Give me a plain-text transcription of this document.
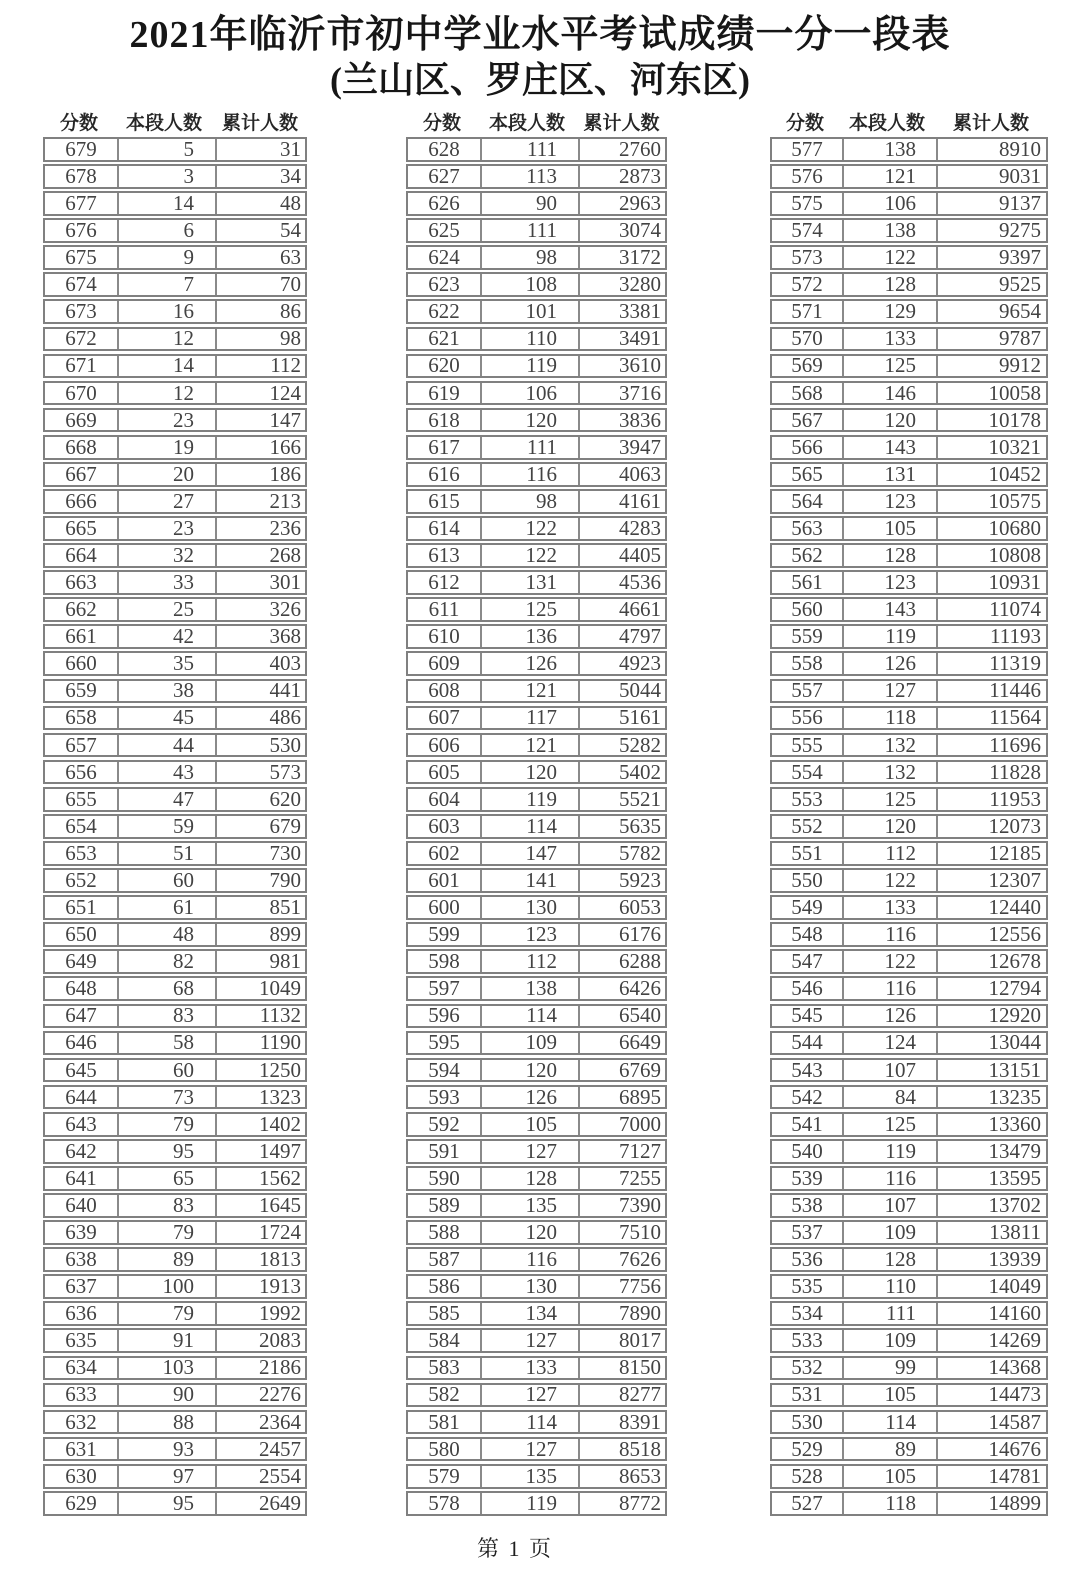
2021年临沂市初中学业水平考试成绩一分一段表
(兰山区、罗庄区、河东区)
分数	本段人数	累计人数
679	5	31
678	3	34
677	14	48
676	6	54
675	9	63
674	7	70
673	16	86
672	12	98
671	14	112
670	12	124
669	23	147
668	19	166
667	20	186
666	27	213
665	23	236
664	32	268
663	33	301
662	25	326
661	42	368
660	35	403
659	38	441
658	45	486
657	44	530
656	43	573
655	47	620
654	59	679
653	51	730
652	60	790
651	61	851
650	48	899
649	82	981
648	68	1049
647	83	1132
646	58	1190
645	60	1250
644	73	1323
643	79	1402
642	95	1497
641	65	1562
640	83	1645
639	79	1724
638	89	1813
637	100	1913
636	79	1992
635	91	2083
634	103	2186
633	90	2276
632	88	2364
631	93	2457
630	97	2554
629	95	2649
分数	本段人数 累计人数
628	111	2760
627	113	2873
626	90	2963
625	111	3074
624	98	3172
623	108	3280
622	101	3381
621	110	3491
620	119	3610
619	106	3716
618	120	3836
617	111	3947
616	116	4063
615	98	4161
614	122	4283
613	122	4405
612	131	4536
611	125	4661
610	136	4797
609	126	4923
608	121	5044
607	117	5161
606	121	5282
605	120	5402
604	119	5521
603	114	5635
602	147	5782
601	141	5923
600	130	6053
599	123	6176
598	112	6288
597	138	6426
596	114	6540
595	109	6649
594	120	6769
593	126	6895
592	105	7000
591	127	7127
590	128	7255
589	135	7390
588	120	7510
587	116	7626
586	130	7756
585	134	7890
584	127	8017
583	133	8150
582	127	8277
581	114	8391
580	127	8518
579	135	8653
578	119	8772
分数	本段人数	累计人数
577	138	8910
576	121	9031
575	106	9137
574	138	9275
573	122	9397
572	128	9525
571	129	9654
570	133	9787
569	125	9912
568	146	10058
567	120	10178
566	143	10321
565	131	10452
564	123	10575
563	105	10680
562	128	10808
561	123	10931
560	143	11074
559	119	11193
558	126	11319
557	127	11446
556	118	11564
555	132	11696
554	132	11828
553	125	11953
552	120	12073
551	112	12185
550	122	12307
549	133	12440
548	116	12556
547	122	12678
546	116	12794
545	126	12920
544	124	13044
543	107	13151
542	84	13235
541	125	13360
540	119	13479
539	116	13595
538	107	13702
537	109	13811
536	128	13939
535	110	14049
534	111	14160
533	109	14269
532	99	14368
531	105	14473
530	114	14587
529	89	14676
528	105	14781
527	118	14899
第 1 页
